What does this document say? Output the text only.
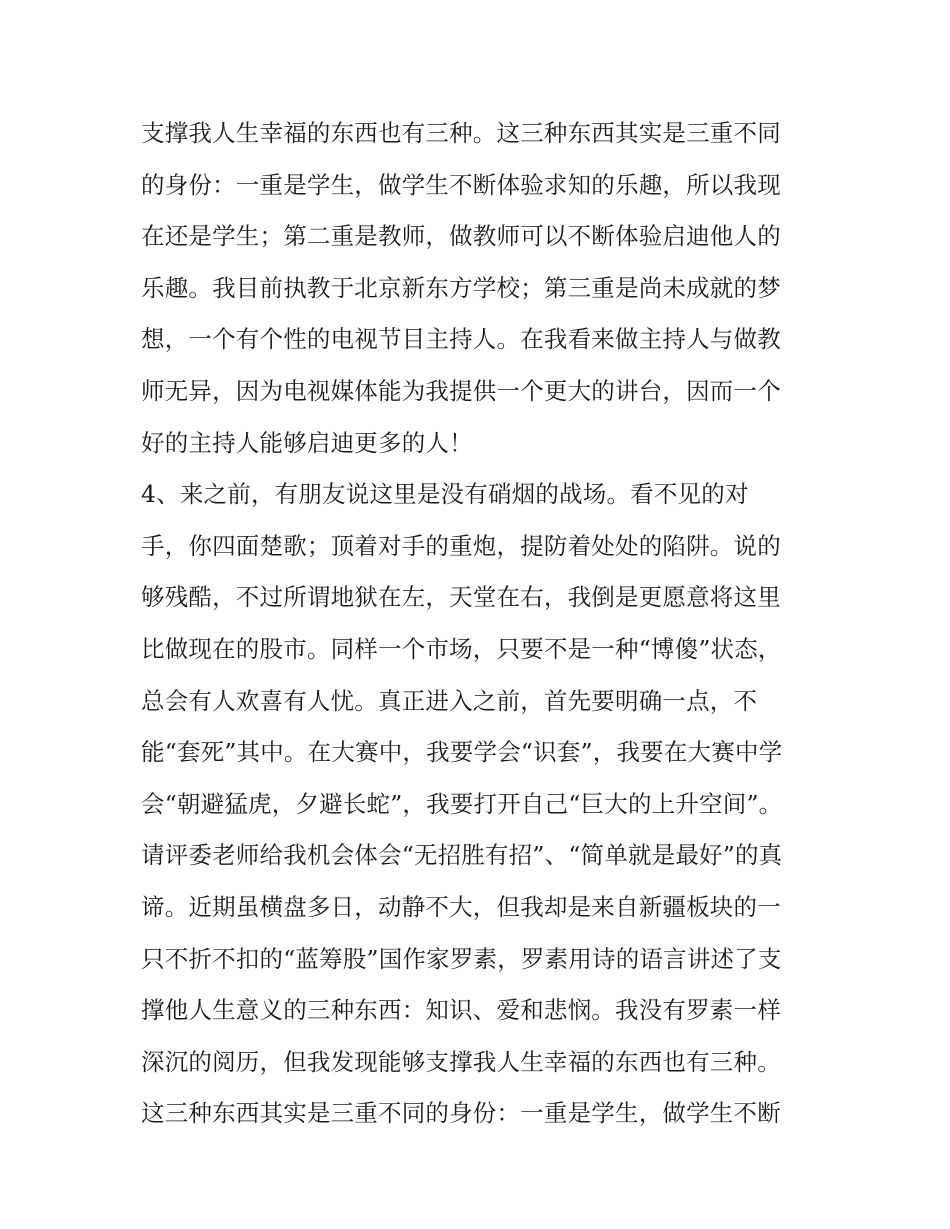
支撑我人生幸福的东西也有三种。这三种东西其实是三重不同
的身份：一重是学生，做学生不断体验求知的乐趣，所以我现
在还是学生；第二重是教师，做教师可以不断体验启迪他人的
乐趣。我目前执教于北京新东方学校；第三重是尚未成就的梦
想，一个有个性的电视节目主持人。在我看来做主持人与做教
师无异，因为电视媒体能为我提供一个更大的讲台，因而一个
好的主持人能够启迪更多的人！
4、来之前，有朋友说这里是没有硝烟的战场。看不见的对
手，你四面楚歌；顶着对手的重炮，提防着处处的陷阱。说的
够残酷，不过所谓地狱在左，天堂在右，我倒是更愿意将这里
比做现在的股市。同样一个市场，只要不是一种“博傻”状态，
总会有人欢喜有人忧。真正进入之前，首先要明确一点，不
能“套死”其中。在大赛中，我要学会“识套”，我要在大赛中学
会“朝避猛虎，夕避长蛇”，我要打开自己“巨大的上升空间”。
请评委老师给我机会体会“无招胜有招”、“简单就是最好”的真
谛。近期虽横盘多日，动静不大，但我却是来自新疆板块的一
只不折不扣的“蓝筹股”国作家罗素，罗素用诗的语言讲述了支
撑他人生意义的三种东西：知识、爱和悲悯。我没有罗素一样
深沉的阅历，但我发现能够支撑我人生幸福的东西也有三种。
这三种东西其实是三重不同的身份：一重是学生，做学生不断
